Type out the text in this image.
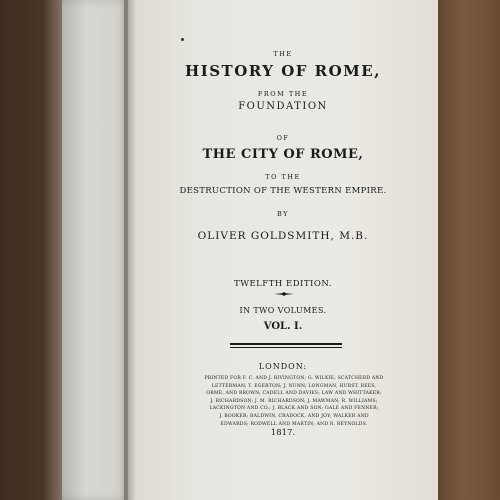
THE
HISTORY OF ROME,
FROM THE
FOUNDATION
OF
THE CITY OF ROME,
TO THE
DESTRUCTION OF THE WESTERN EMPIRE.
BY
OLIVER GOLDSMITH, M.B.
TWELFTH EDITION.
IN TWO VOLUMES.
VOL. I.
LONDON:
PRINTED FOR F. C. AND J. RIVINGTON; G. WILKIE; SCATCHERD AND
LETTERMAN; T. EGERTON; J. NUNN; LONGMAN, HURST, REES,
ORME, AND BROWN; CADELL AND DAVIES; LAW AND WHITTAKER;
J. RICHARDSON; J. M. RICHARDSON; J. MAWMAN; R. WILLIAMS;
LACKINGTON AND CO.; J. BLACK AND SON; GALE AND FENNER;
J. BOOKER; BALDWIN, CRADOCK, AND JOY; WALKER AND
EDWARDS; RODWELL AND MARTIN; AND R. REYNOLDS.
1817.
